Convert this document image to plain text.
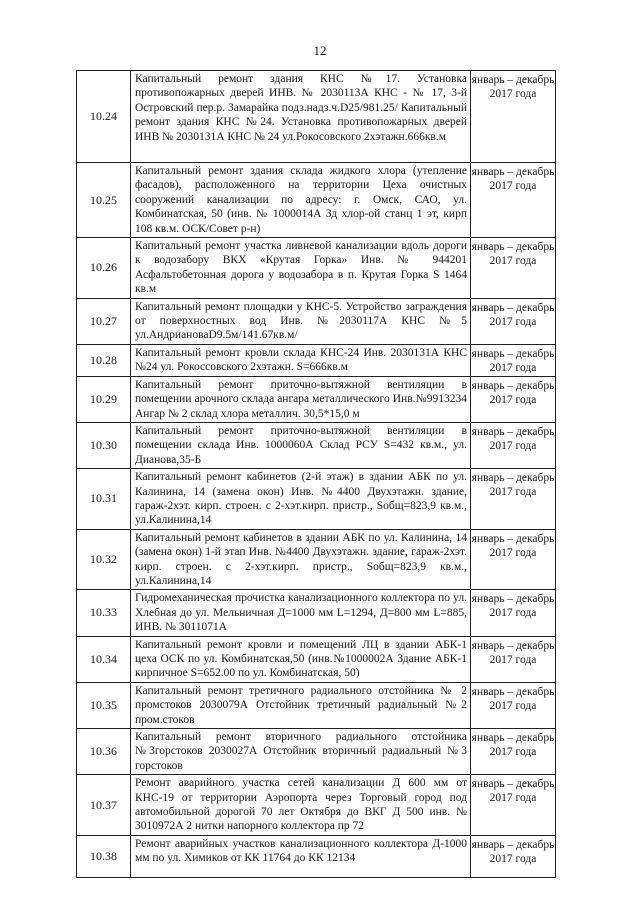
12
10.24	Капитальный ремонт здания КНС №17. Установка противопожарных дверей ИНВ. № 2030113А КНС - № 17, 3-й Островский пер.р. Замарайка подз.надз.ч.D25/981.25/ Капитальный ремонт здания КНС №24. Установка противопожарных дверей ИНВ № 2030131А КНС № 24 ул.Рокосовского 2хэтажн.666кв.м	январь – декабрь
2017 года

10.25	Капитальный ремонт здания склада жидкого хлора (утепление фасадов), расположенного на территории Цеха очистных сооружений канализации по адресу: г. Омск, САО, ул. Комбинатская, 50 (инв. № 1000014А Зд хлор-ой станц 1 эт, кирп 108 кв.м. ОСК/Совет р-н)	январь – декабрь
2017 года

10.26	Капитальный ремонт участка ливневой канализации вдоль дороги к водозабору ВКХ «Крутая Горка» Инв. № 944201 Асфальтобетонная дорога у водозабора в п. Крутая Горка S 1464 кв.м	январь – декабрь
2017 года

10.27	Капитальный ремонт площадки у КНС-5. Устройство заграждения от поверхностных вод Инв. №2030117А КНС №5 ул.АндриановаD9.5м/141.67кв.м/	январь – декабрь
2017 года

10.28	Капитальный ремонт кровли склада КНС-24 Инв. 2030131А КНС №24 ул. Рокоссовского 2хэтажн. S=666кв.м	январь – декабрь
2017 года

10.29	Капитальный ремонт приточно-вытяжной вентиляции в помещении арочного склада ангара металлического Инв.№9913234 Ангар № 2 склад хлора металлич. 30,5*15,0 м	январь – декабрь
2017 года

10.30	Капитальный ремонт приточно-вытяжной вентиляции в помещении склада Инв. 1000060А Склад РСУ S=432 кв.м., ул. Дианова,35-Б	январь – декабрь
2017 года

10.31	Капитальный ремонт кабинетов (2-й этаж) в здании АБК по ул. Калинина, 14 (замена окон) Инв. №4400 Двухэтажн. здание, гараж-2хэт. кирп. строен. с 2-хэт.кирп. пристр., Sобщ=823,9 кв.м., ул.Калинина,14	январь – декабрь
2017 года

10.32	Капитальный ремонт кабинетов в здании АБК по ул. Калинина, 14 (замена окон) 1-й этап Инв. №4400 Двухэтажн. здание, гараж-2хэт. кирп. строен. с 2-хэт.кирп. пристр., Sобщ=823,9 кв.м., ул.Калинина,14	январь – декабрь
2017 года

10.33	Гидромеханическая прочистка канализационного коллектора по ул. Хлебная до ул. Мельничная Д=1000 мм L=1294, Д=800 мм L=885, ИНВ. № 3011071А	январь – декабрь
2017 года

10.34	Капитальный ремонт кровли и помещений ЛЦ в здании АБК-1 цеха ОСК по ул. Комбинатская,50 (инв.№1000002А Здание АБК-1 кирпичное S=652.00 по ул. Комбинатская, 50)	январь – декабрь
2017 года

10.35	Капитальный ремонт третичного радиального отстойника № 2 промстоков 2030079А Отстойник третичный радиальный №2 пром.стоков	январь – декабрь
2017 года

10.36	Капитальный ремонт вторичного радиального отстойника №3горстоков 2030027А Отстойник вторичный радиальный №3 горстоков	январь – декабрь
2017 года

10.37	Ремонт аварийного участка сетей канализации Д 600 мм от КНС-19 от территории Аэропорта через Торговый город под автомобильной дорогой 70 лет Октября до ВКГ Д 500 инв. № 3010972А 2 нитки напорного коллектора пр 72	январь – декабрь
2017 года

10.38	Ремонт аварийных участков канализационного коллектора Д-1000 мм по ул. Химиков от КК 11764 до КК 12134	январь – декабрь
2017 года
